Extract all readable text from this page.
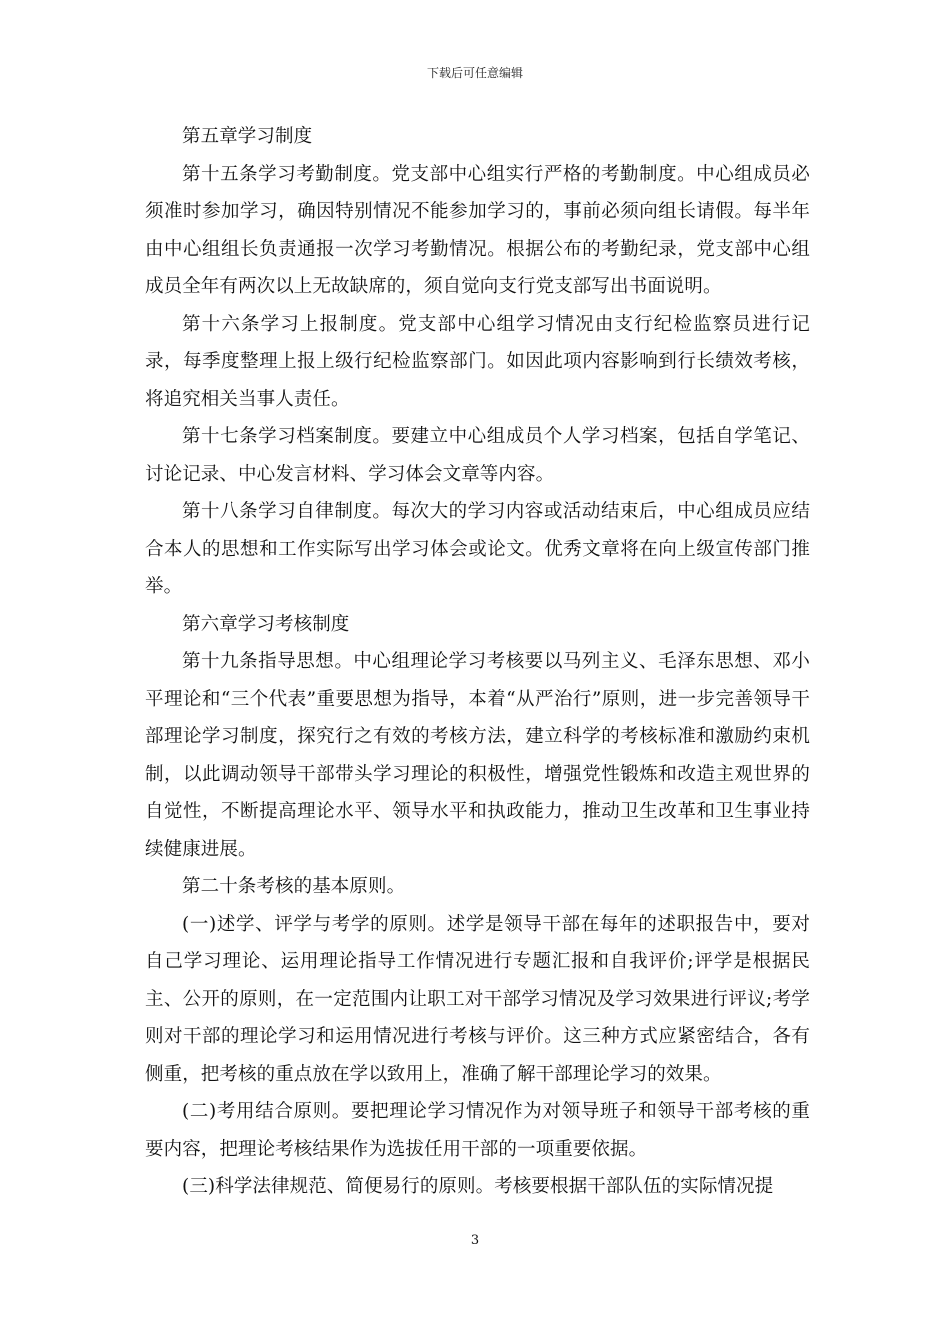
下载后可任意编辑

第五章学习制度

第十五条学习考勤制度。党支部中心组实行严格的考勤制度。中心组成员必须准时参加学习，确因特别情况不能参加学习的，事前必须向组长请假。每半年由中心组组长负责通报一次学习考勤情况。根据公布的考勤纪录，党支部中心组成员全年有两次以上无故缺席的，须自觉向支行党支部写出书面说明。

第十六条学习上报制度。党支部中心组学习情况由支行纪检监察员进行记录，每季度整理上报上级行纪检监察部门。如因此项内容影响到行长绩效考核，将追究相关当事人责任。

第十七条学习档案制度。要建立中心组成员个人学习档案，包括自学笔记、讨论记录、中心发言材料、学习体会文章等内容。

第十八条学习自律制度。每次大的学习内容或活动结束后，中心组成员应结合本人的思想和工作实际写出学习体会或论文。优秀文章将在向上级宣传部门推举。

第六章学习考核制度

第十九条指导思想。中心组理论学习考核要以马列主义、毛泽东思想、邓小平理论和“三个代表”重要思想为指导，本着“从严治行”原则，进一步完善领导干部理论学习制度，探究行之有效的考核方法，建立科学的考核标准和激励约束机制，以此调动领导干部带头学习理论的积极性，增强党性锻炼和改造主观世界的自觉性，不断提高理论水平、领导水平和执政能力，推动卫生改革和卫生事业持续健康进展。

第二十条考核的基本原则。

(一)述学、评学与考学的原则。述学是领导干部在每年的述职报告中，要对自己学习理论、运用理论指导工作情况进行专题汇报和自我评价;评学是根据民主、公开的原则，在一定范围内让职工对干部学习情况及学习效果进行评议;考学则对干部的理论学习和运用情况进行考核与评价。这三种方式应紧密结合，各有侧重，把考核的重点放在学以致用上，准确了解干部理论学习的效果。

(二)考用结合原则。要把理论学习情况作为对领导班子和领导干部考核的重要内容，把理论考核结果作为选拔任用干部的一项重要依据。

(三)科学法律规范、简便易行的原则。考核要根据干部队伍的实际情况提

3
